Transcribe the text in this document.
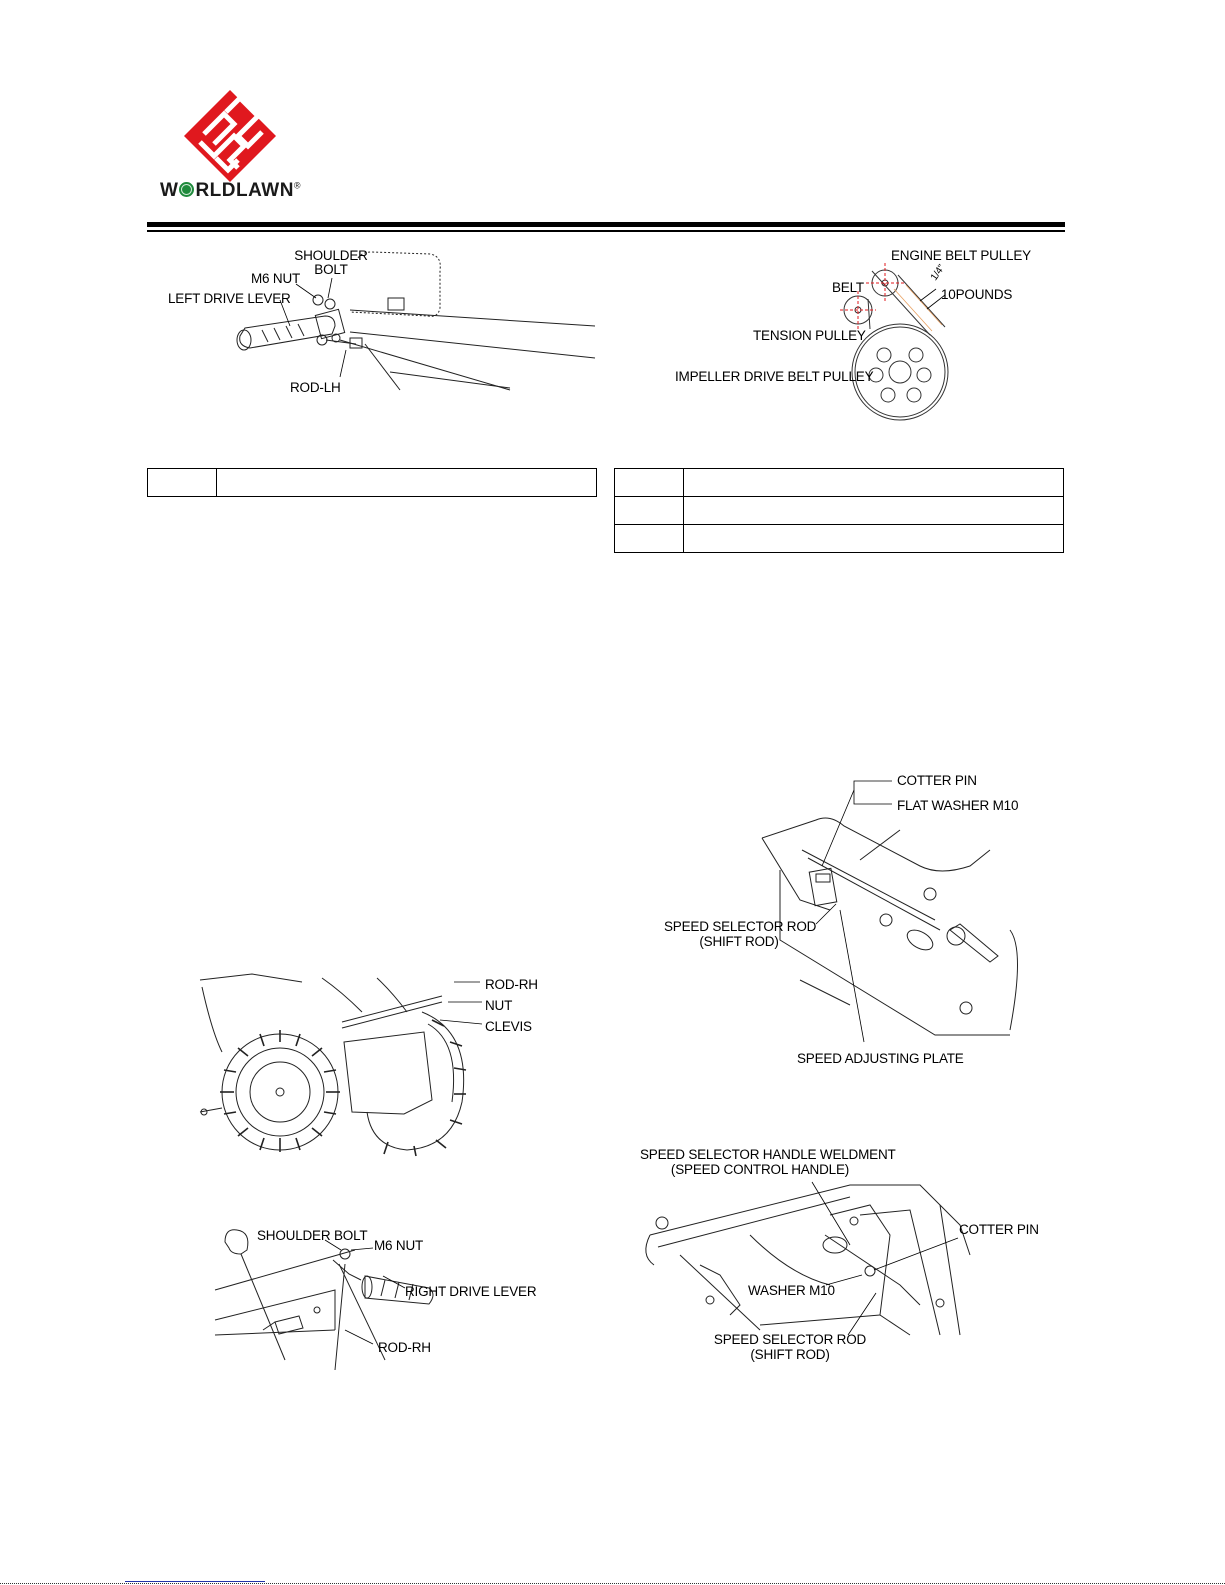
W RLDLAWN®
SHOULDER
BOLT
M6 NUT
LEFT DRIVE LEVER
ROD-LH
ENGINE BELT PULLEY
BELT
1/4"
10POUNDS
TENSION PULLEY
IMPELLER DRIVE BELT PULLEY

COTTER PIN
FLAT WASHER M10
SPEED SELECTOR ROD
(SHIFT ROD)
SPEED ADJUSTING PLATE
ROD-RH
NUT
CLEVIS
SPEED SELECTOR HANDLE WELDMENT
(SPEED CONTROL HANDLE)
COTTER PIN
WASHER M10
SPEED SELECTOR ROD
(SHIFT ROD)
SHOULDER BOLT
M6 NUT
RIGHT DRIVE LEVER
ROD-RH
